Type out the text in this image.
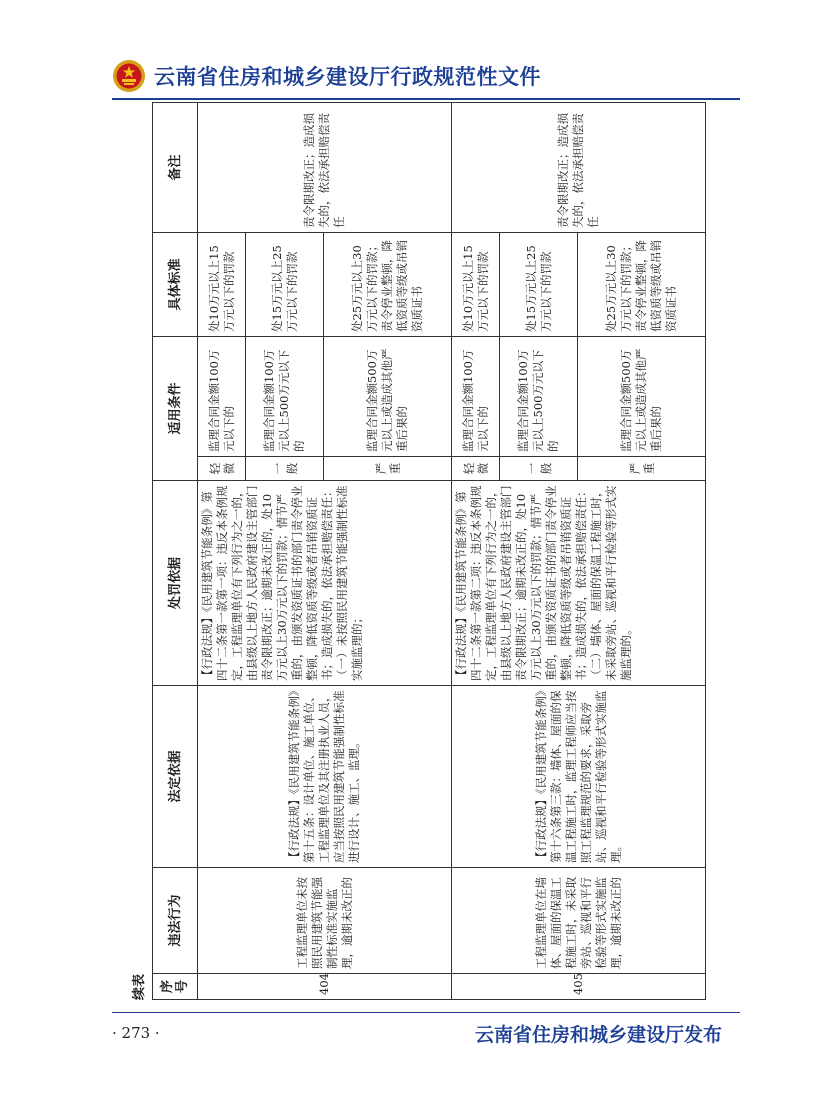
云南省住房和城乡建设厅行政规范性文件
续表 序号	违法行为	法定依据	处罚依据	适用条件		具体标准	备注
404	工程监理单位未按照民用建筑节能强制性标准实施监理，逾期未改正的	【行政法规】《民用建筑节能条例》第十五条：设计单位、施工单位、工程监理单位及其注册执业人员，应当按照民用建筑节能强制性标准进行设计、施工、监理。	【行政法规】《民用建筑节能条例》第四十二条第一款第一项：违反本条例规定，工程监理单位有下列行为之一的，由县级以上地方人民政府建设主管部门责令限期改正；逾期未改正的，处10万元以上30万元以下的罚款；情节严重的，由颁发资质证书的部门责令停业整顿，降低资质等级或者吊销资质证书；造成损失的，依法承担赔偿责任： （一）未按照民用建筑节能强制性标准实施监理的；	轻微	监理合同金额100万元以下的	处10万元以上15万元以下的罚款	责令限期改正；造成损失的，依法承担赔偿责任
				一般	监理合同金额100万元以上500万元以下的	处15万元以上25万元以下的罚款	
				严重	监理合同金额500万元以上或造成其他严重后果的	处25万元以上30万元以下的罚款；责令停业整顿，降低资质等级或吊销资质证书	
405	工程监理单位在墙体、屋面的保温工程施工时，未采取旁站、巡视和平行检验等形式实施监理，逾期未改正的	【行政法规】《民用建筑节能条例》第十六条第三款：墙体、屋面的保温工程施工时，监理工程师应当按照工程监理规范的要求，采取旁站、巡视和平行检验等形式实施监理。	【行政法规】《民用建筑节能条例》第四十二条第一款第二项：违反本条例规定，工程监理单位有下列行为之一的，由县级以上地方人民政府建设主管部门责令限期改正；逾期未改正的，处10万元以上30万元以下的罚款；情节严重的，由颁发资质证书的部门责令停业整顿，降低资质等级或者吊销资质证书；造成损失的，依法承担赔偿责任： （二）墙体、屋面的保温工程施工时，未采取旁站、巡视和平行检验等形式实施监理的。	轻微	监理合同金额100万元以下的	处10万元以上15万元以下的罚款	责令限期改正；造成损失的，依法承担赔偿责任
				一般	监理合同金额100万元以上500万元以下的	处15万元以上25万元以下的罚款	
				严重	监理合同金额500万元以上或造成其他严重后果的	处25万元以上30万元以下的罚款；责令停业整顿，降低资质等级或吊销资质证书	
· 273 ·	云南省住房和城乡建设厅发布
